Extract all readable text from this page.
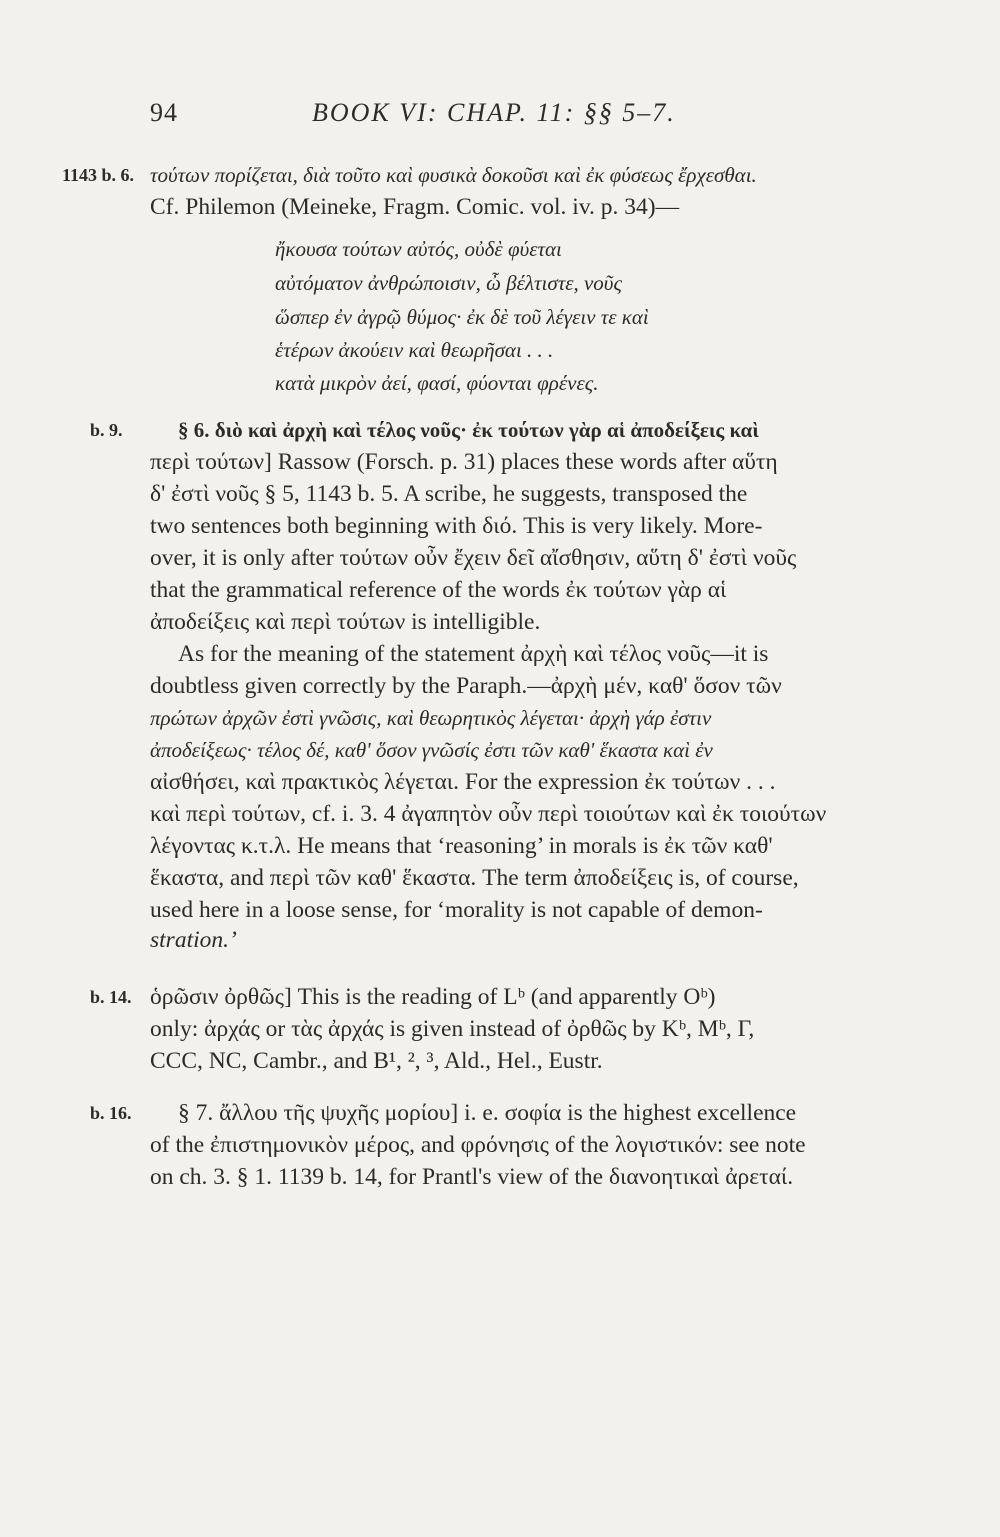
94	BOOK VI: CHAP. 11: §§ 5–7.
1143 b. 6. τούτων πορίζεται, διὰ τοῦτο καὶ φυσικὰ δοκοῦσι καὶ ἐκ φύσεως ἔρχεσθαι.
Cf. Philemon (Meineke, Fragm. Comic. vol. iv. p. 34)—
ἤκουσα τούτων αὐτός, οὐδὲ φύεται
αὐτόματον ἀνθρώποισιν, ὦ βέλτιστε, νοῦς
ὥσπερ ἐν ἀγρῷ θύμος· ἐκ δὲ τοῦ λέγειν τε καὶ
ἑτέρων ἀκούειν καὶ θεωρῆσαι . . .
κατὰ μικρὸν ἀεί, φασί, φύονται φρένες.
b. 9.	§ 6. διὸ καὶ ἀρχὴ καὶ τέλος νοῦς· ἐκ τούτων γὰρ αἱ ἀποδείξεις καὶ
περὶ τούτων] Rassow (Forsch. p. 31) places these words after αὕτη
δ' ἐστὶ νοῦς § 5, 1143 b. 5. A scribe, he suggests, transposed the
two sentences both beginning with διό. This is very likely. More-
over, it is only after τούτων οὖν ἔχειν δεῖ αἴσθησιν, αὕτη δ' ἐστὶ νοῦς
that the grammatical reference of the words ἐκ τούτων γὰρ αἱ
ἀποδείξεις καὶ περὶ τούτων is intelligible.
As for the meaning of the statement ἀρχὴ καὶ τέλος νοῦς—it is
doubtless given correctly by the Paraph.—ἀρχὴ μέν, καθ' ὅσον τῶν
πρώτων ἀρχῶν ἐστὶ γνῶσις, καὶ θεωρητικὸς λέγεται· ἀρχὴ γάρ ἐστιν
ἀποδείξεως· τέλος δέ, καθ' ὅσον γνῶσίς ἐστι τῶν καθ' ἕκαστα καὶ ἐν
αἰσθήσει, καὶ πρακτικὸς λέγεται. For the expression ἐκ τούτων . . .
καὶ περὶ τούτων, cf. i. 3. 4 ἀγαπητὸν οὖν περὶ τοιούτων καὶ ἐκ τοιούτων
λέγοντας κ.τ.λ. He means that ‘reasoning’ in morals is ἐκ τῶν καθ'
ἕκαστα, and περὶ τῶν καθ' ἕκαστα. The term ἀποδείξεις is, of course,
used here in a loose sense, for ‘morality is not capable of demon-
stration.’
b. 14. ὁρῶσιν ὀρθῶς] This is the reading of Lᵇ (and apparently Oᵇ)
only: ἀρχάς or τὰς ἀρχάς is given instead of ὀρθῶς by Kᵇ, Mᵇ, Γ,
CCC, NC, Cambr., and B¹, ², ³, Ald., Hel., Eustr.
b. 16. § 7. ἄλλου τῆς ψυχῆς μορίου] i. e. σοφία is the highest excellence
of the ἐπιστημονικὸν μέρος, and φρόνησις of the λογιστικόν: see note
on ch. 3. § 1. 1139 b. 14, for Prantl's view of the διανοητικαὶ ἀρεταί.
